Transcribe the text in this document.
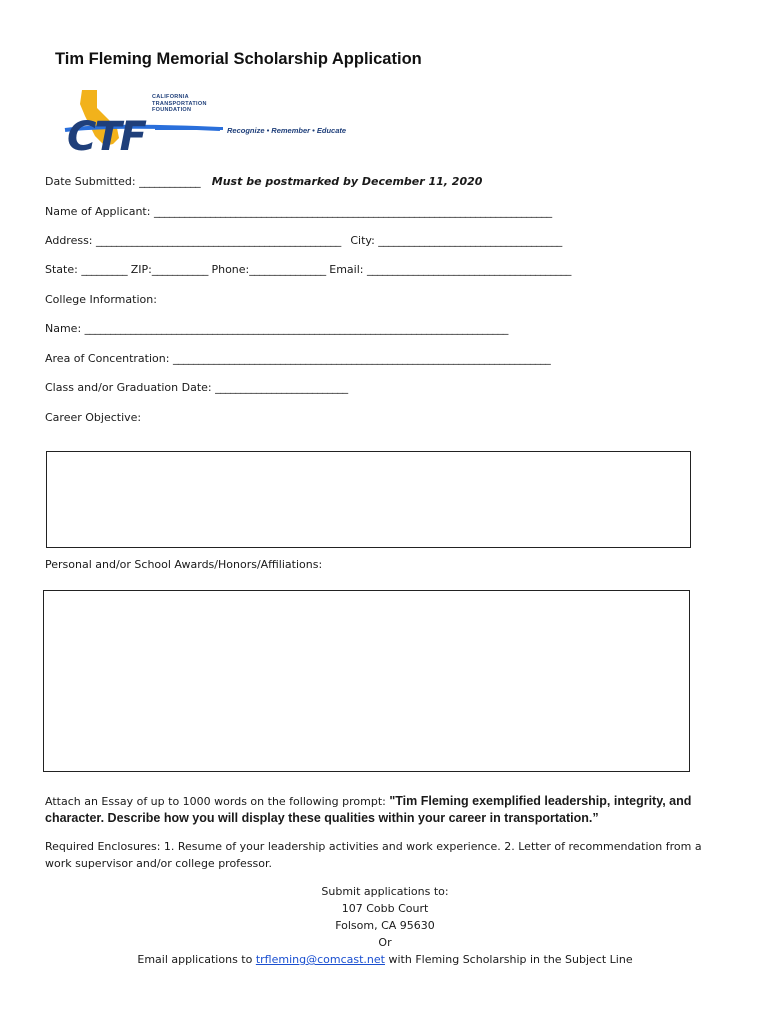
Tim Fleming Memorial Scholarship Application
CTF
CALIFORNIA
TRANSPORTATION
FOUNDATION
Recognize • Remember • Educate
Date Submitted: ____________ Must be postmarked by December 11, 2020
Name of Applicant: ______________________________________________________________________________
Address: ________________________________________________ City: ____________________________________
State: _________ ZIP:___________ Phone:_______________ Email: ________________________________________
College Information:
Name: ___________________________________________________________________________________
Area of Concentration: __________________________________________________________________________
Class and/or Graduation Date: __________________________
Career Objective:
Personal and/or School Awards/Honors/Affiliations:
Attach an Essay of up to 1000 words on the following prompt: "Tim Fleming exemplified leadership, integrity, and character. Describe how you will display these qualities within your career in transportation.”
Required Enclosures: 1. Resume of your leadership activities and work experience. 2. Letter of recommendation from a work supervisor and/or college professor.
Submit applications to:
107 Cobb Court
Folsom, CA 95630
Or
Email applications to trfleming@comcast.net with Fleming Scholarship in the Subject Line
